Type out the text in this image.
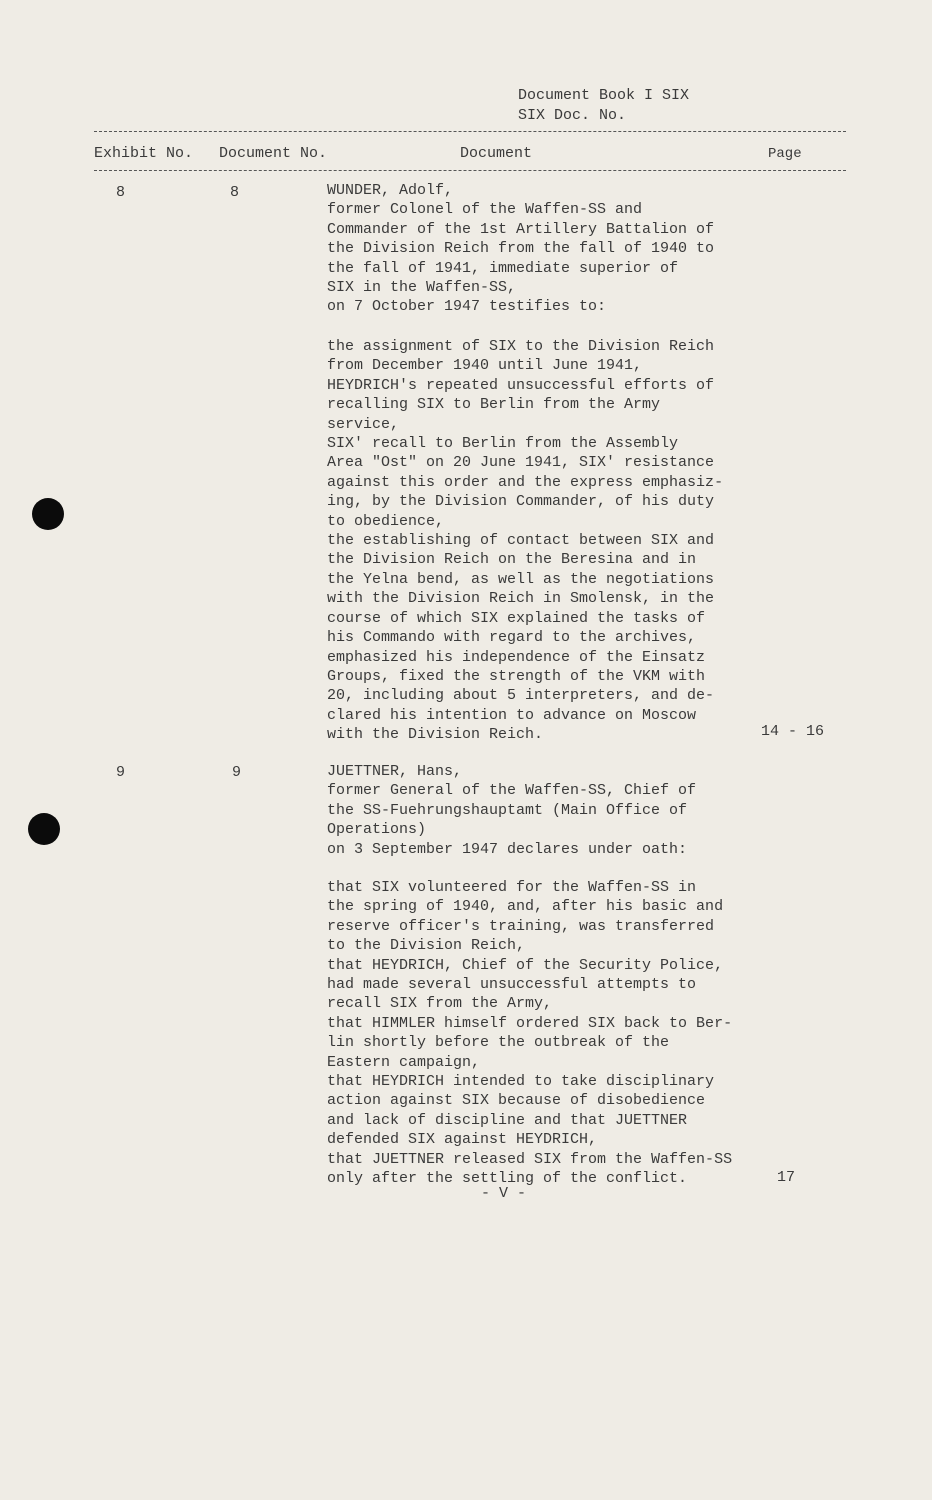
Document Book I SIX
SIX Doc. No.
Exhibit No. Document No.	Document	Page
8	8	WUNDER, Adolf,
former Colonel of the Waffen-SS and
Commander of the 1st Artillery Battalion of
the Division Reich from the fall of 1940 to
the fall of 1941, immediate superior of
SIX in the Waffen-SS,
on 7 October 1947 testifies to:
the assignment of SIX to the Division Reich
from December 1940 until June 1941,
HEYDRICH's repeated unsuccessful efforts of
recalling SIX to Berlin from the Army
service,
SIX' recall to Berlin from the Assembly
Area "Ost" on 20 June 1941, SIX' resistance
against this order and the express emphasiz-
ing, by the Division Commander, of his duty
to obedience,
the establishing of contact between SIX and
the Division Reich on the Beresina and in
the Yelna bend, as well as the negotiations
with the Division Reich in Smolensk, in the
course of which SIX explained the tasks of
his Commando with regard to the archives,
emphasized his independence of the Einsatz
Groups, fixed the strength of the VKM with
20, including about 5 interpreters, and de-
clared his intention to advance on Moscow
with the Division Reich.	14 - 16
9	9	JUETTNER, Hans,
former General of the Waffen-SS, Chief of
the SS-Fuehrungshauptamt (Main Office of
Operations)
on 3 September 1947 declares under oath:
that SIX volunteered for the Waffen-SS in
the spring of 1940, and, after his basic and
reserve officer's training, was transferred
to the Division Reich,
that HEYDRICH, Chief of the Security Police,
had made several unsuccessful attempts to
recall SIX from the Army,
that HIMMLER himself ordered SIX back to Ber-
lin shortly before the outbreak of the
Eastern campaign,
that HEYDRICH intended to take disciplinary
action against SIX because of disobedience
and lack of discipline and that JUETTNER
defended SIX against HEYDRICH,
that JUETTNER released SIX from the Waffen-SS
only after the settling of the conflict.	17
- V -
